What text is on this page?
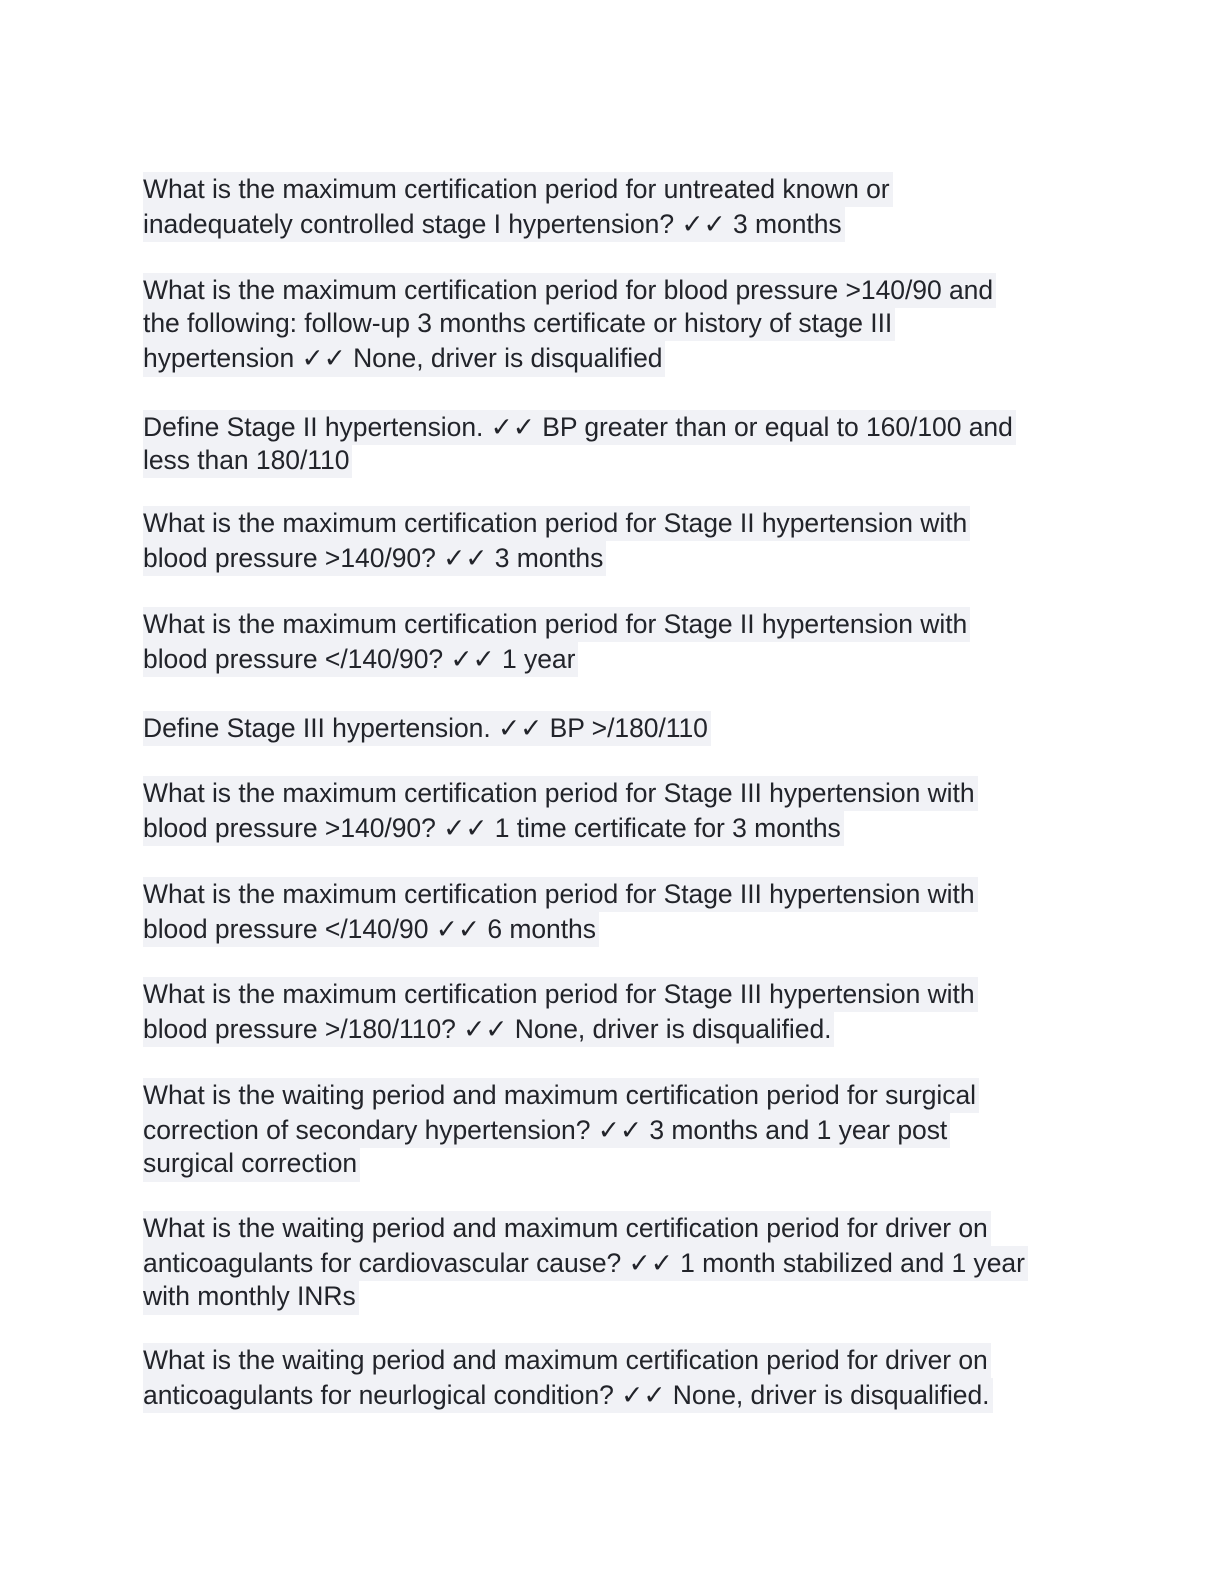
What is the maximum certification period for untreated known or
inadequately controlled stage I hypertension? ✓✓ 3 months
What is the maximum certification period for blood pressure >140/90 and
the following: follow-up 3 months certificate or history of stage III
hypertension ✓✓ None, driver is disqualified
Define Stage II hypertension. ✓✓ BP greater than or equal to 160/100 and
less than 180/110
What is the maximum certification period for Stage II hypertension with
blood pressure >140/90? ✓✓ 3 months
What is the maximum certification period for Stage II hypertension with
blood pressure </140/90? ✓✓ 1 year
Define Stage III hypertension. ✓✓ BP >/180/110
What is the maximum certification period for Stage III hypertension with
blood pressure >140/90? ✓✓ 1 time certificate for 3 months
What is the maximum certification period for Stage III hypertension with
blood pressure </140/90 ✓✓ 6 months
What is the maximum certification period for Stage III hypertension with
blood pressure >/180/110? ✓✓ None, driver is disqualified.
What is the waiting period and maximum certification period for surgical
correction of secondary hypertension? ✓✓ 3 months and 1 year post
surgical correction
What is the waiting period and maximum certification period for driver on
anticoagulants for cardiovascular cause? ✓✓ 1 month stabilized and 1 year
with monthly INRs
What is the waiting period and maximum certification period for driver on
anticoagulants for neurlogical condition? ✓✓ None, driver is disqualified.
